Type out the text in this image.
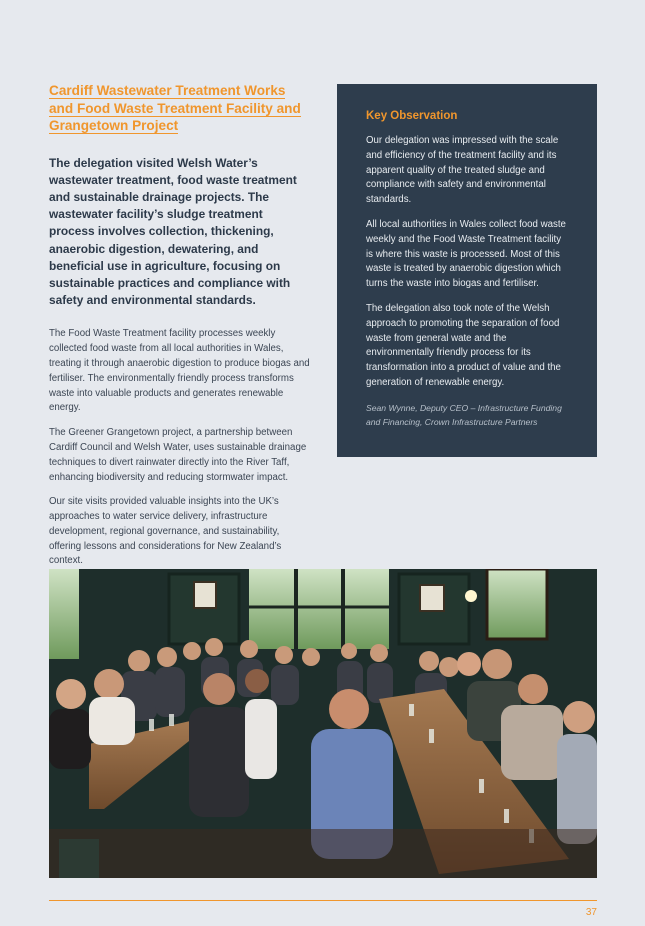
Cardiff Wastewater Treatment Works
and Food Waste Treatment Facility and
Grangetown Project

The delegation visited Welsh Water’s wastewater treatment, food waste treatment and sustainable drainage projects. The wastewater facility’s sludge treatment process involves collection, thickening, anaerobic digestion, dewatering, and beneficial use in agriculture, focusing on sustainable practices and compliance with safety and environmental standards.

The Food Waste Treatment facility processes weekly collected food waste from all local authorities in Wales, treating it through anaerobic digestion to produce biogas and fertiliser. The environmentally friendly process transforms waste into valuable products and generates renewable energy.

The Greener Grangetown project, a partnership between Cardiff Council and Welsh Water, uses sustainable drainage techniques to divert rainwater directly into the River Taff, enhancing biodiversity and reducing stormwater impact.

Our site visits provided valuable insights into the UK’s approaches to water service delivery, infrastructure development, regional governance, and sustainability, offering lessons and considerations for New Zealand’s context.

Key Observation

Our delegation was impressed with the scale and efficiency of the treatment facility and its apparent quality of the treated sludge and compliance with safety and environmental standards.

All local authorities in Wales collect food waste weekly and the Food Waste Treatment facility is where this waste is processed. Most of this waste is treated by anaerobic digestion which turns the waste into biogas and fertiliser.

The delegation also took note of the Welsh approach to promoting the separation of food waste from general wate and the environmentally friendly process for its transformation into a product of value and the generation of renewable energy.

Sean Wynne, Deputy CEO – Infrastructure Funding and Financing, Crown Infrastructure Partners

37
